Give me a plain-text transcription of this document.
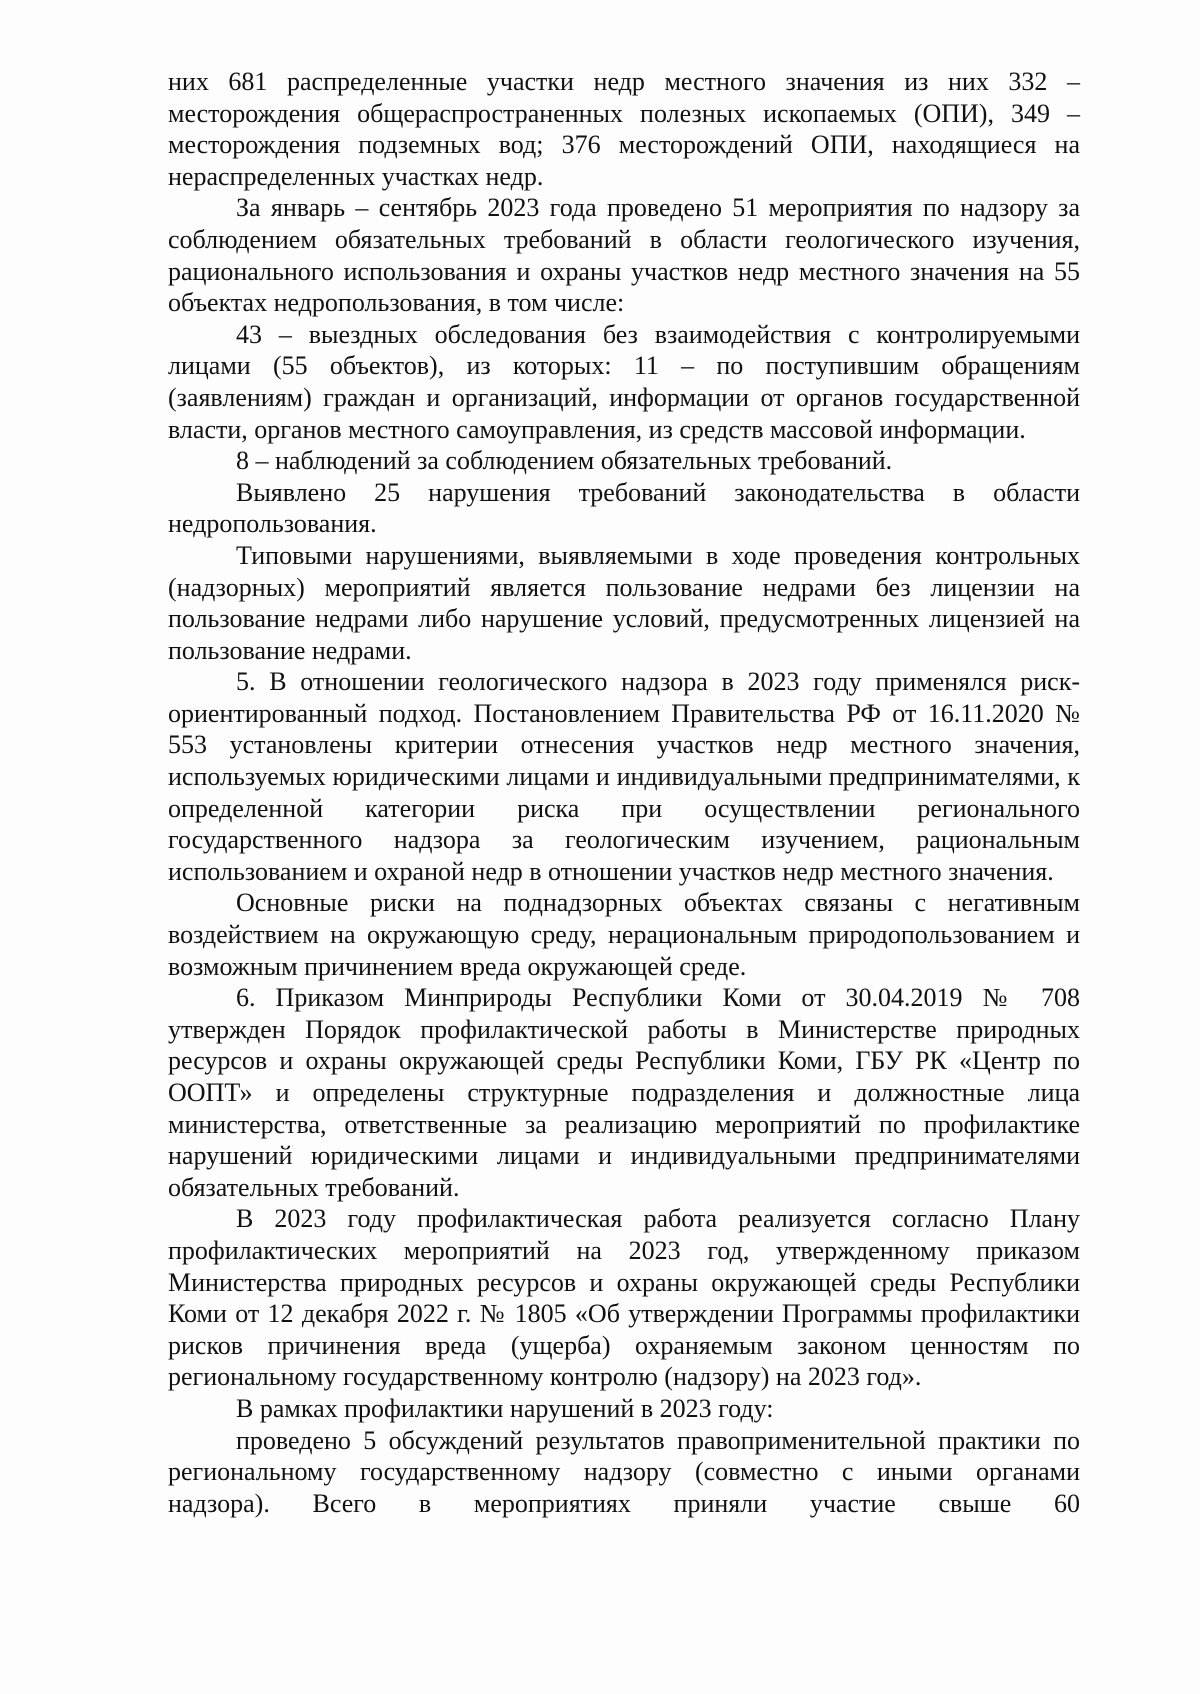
них 681 распределенные участки недр местного значения из них 332 – месторождения общераспространенных полезных ископаемых (ОПИ), 349 – месторождения подземных вод; 376 месторождений ОПИ, находящиеся на нераспределенных участках недр.

За январь – сентябрь 2023 года проведено 51 мероприятия по надзору за соблюдением обязательных требований в области геологического изучения, рационального использования и охраны участков недр местного значения на 55 объектах недропользования, в том числе:

43 – выездных обследования без взаимодействия с контролируемыми лицами (55 объектов), из которых: 11 – по поступившим обращениям (заявлениям) граждан и организаций, информации от органов государственной власти, органов местного самоуправления, из средств массовой информации.

8 – наблюдений за соблюдением обязательных требований.

Выявлено 25 нарушения требований законодательства в области недропользования.

Типовыми нарушениями, выявляемыми в ходе проведения контрольных (надзорных) мероприятий является пользование недрами без лицензии на пользование недрами либо нарушение условий, предусмотренных лицензией на пользование недрами.

5. В отношении геологического надзора в 2023 году применялся риск-ориентированный подход. Постановлением Правительства РФ от 16.11.2020 № 553 установлены критерии отнесения участков недр местного значения, используемых юридическими лицами и индивидуальными предпринимателями, к определенной категории риска при осуществлении регионального государственного надзора за геологическим изучением, рациональным использованием и охраной недр в отношении участков недр местного значения.

Основные риски на поднадзорных объектах связаны с негативным воздействием на окружающую среду, нерациональным природопользованием и возможным причинением вреда окружающей среде.

6. Приказом Минприроды Республики Коми от 30.04.2019 № 708 утвержден Порядок профилактической работы в Министерстве природных ресурсов и охраны окружающей среды Республики Коми, ГБУ РК «Центр по ООПТ» и определены структурные подразделения и должностные лица министерства, ответственные за реализацию мероприятий по профилактике нарушений юридическими лицами и индивидуальными предпринимателями обязательных требований.

В 2023 году профилактическая работа реализуется согласно Плану профилактических мероприятий на 2023 год, утвержденному приказом Министерства природных ресурсов и охраны окружающей среды Республики Коми от 12 декабря 2022 г. № 1805 «Об утверждении Программы профилактики рисков причинения вреда (ущерба) охраняемым законом ценностям по региональному государственному контролю (надзору) на 2023 год».

В рамках профилактики нарушений в 2023 году:

проведено 5 обсуждений результатов правоприменительной практики по региональному государственному надзору (совместно с иными органами надзора). Всего в мероприятиях приняли участие свыше 60
